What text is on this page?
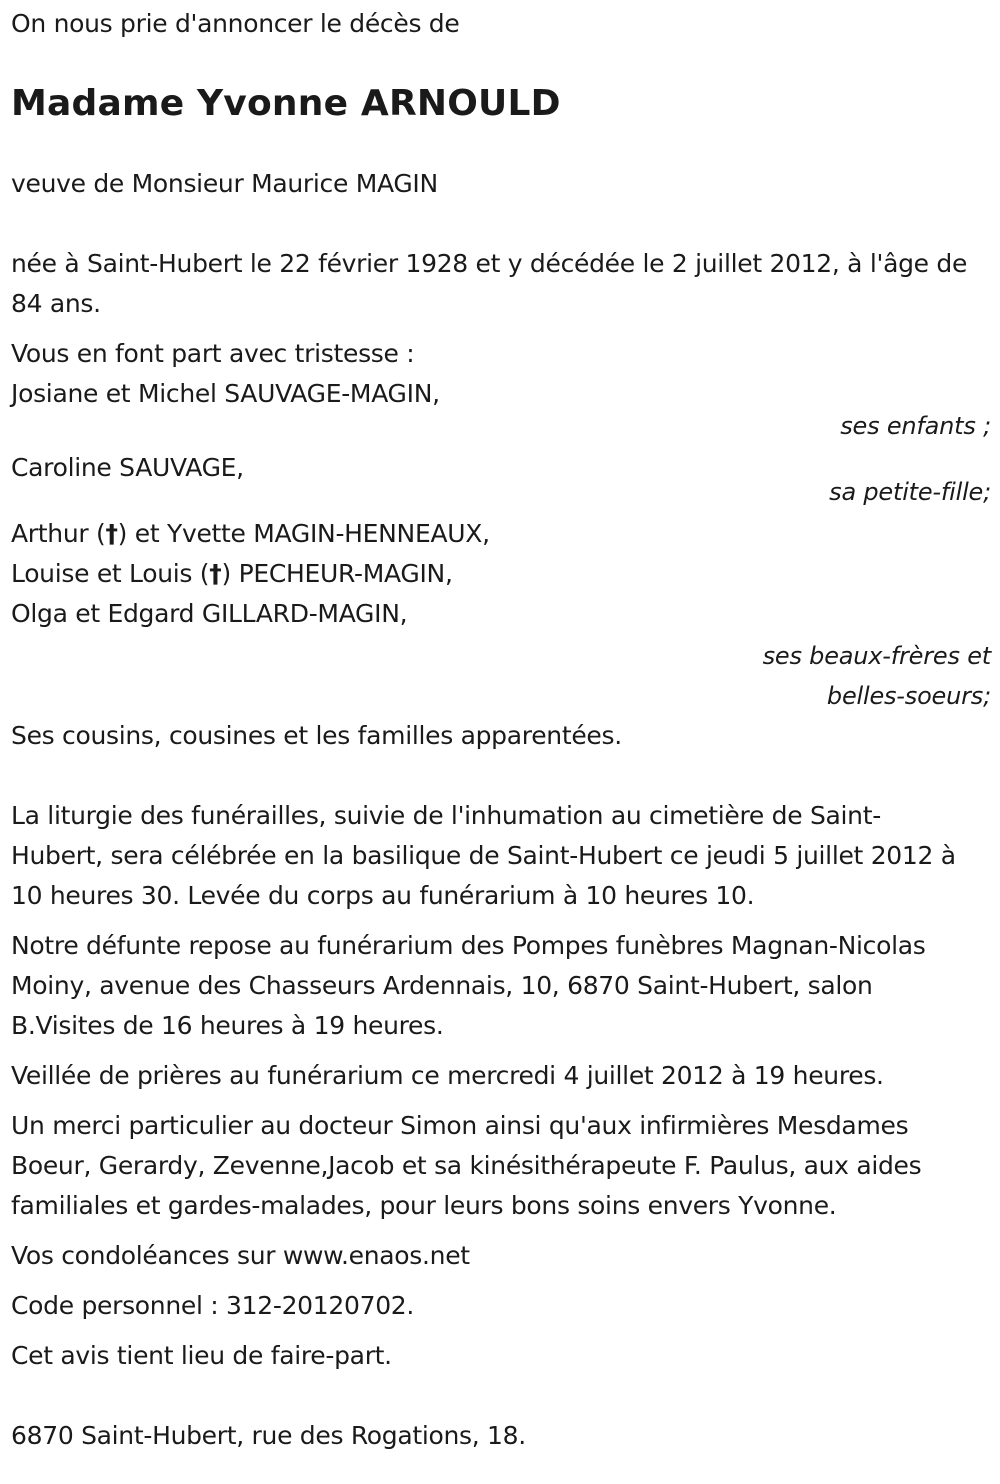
On nous prie d'annoncer le décès de
Madame Yvonne ARNOULD
veuve de Monsieur Maurice MAGIN
née à Saint-Hubert le 22 février 1928 et y décédée le 2 juillet 2012, à l'âge de 84 ans.
Vous en font part avec tristesse :
Josiane et Michel SAUVAGE-MAGIN,
ses enfants ;
Caroline SAUVAGE,
sa petite-fille;
Arthur (†) et Yvette MAGIN-HENNEAUX,
Louise et Louis (†) PECHEUR-MAGIN,
Olga et Edgard GILLARD-MAGIN,
ses beaux-frères et
belles-soeurs;
Ses cousins, cousines et les familles apparentées.
La liturgie des funérailles, suivie de l'inhumation au cimetière de Saint-Hubert, sera célébrée en la basilique de Saint-Hubert ce jeudi 5 juillet 2012 à 10 heures 30. Levée du corps au funérarium à 10 heures 10.
Notre défunte repose au funérarium des Pompes funèbres Magnan-Nicolas Moiny, avenue des Chasseurs Ardennais, 10, 6870 Saint-Hubert, salon B.Visites de 16 heures à 19 heures.
Veillée de prières au funérarium ce mercredi 4 juillet 2012 à 19 heures.
Un merci particulier au docteur Simon ainsi qu'aux infirmières Mesdames Boeur, Gerardy, Zevenne,Jacob et sa kinésithérapeute F. Paulus, aux aides familiales et gardes-malades, pour leurs bons soins envers Yvonne.
Vos condoléances sur www.enaos.net
Code personnel : 312-20120702.
Cet avis tient lieu de faire-part.
6870 Saint-Hubert, rue des Rogations, 18.
